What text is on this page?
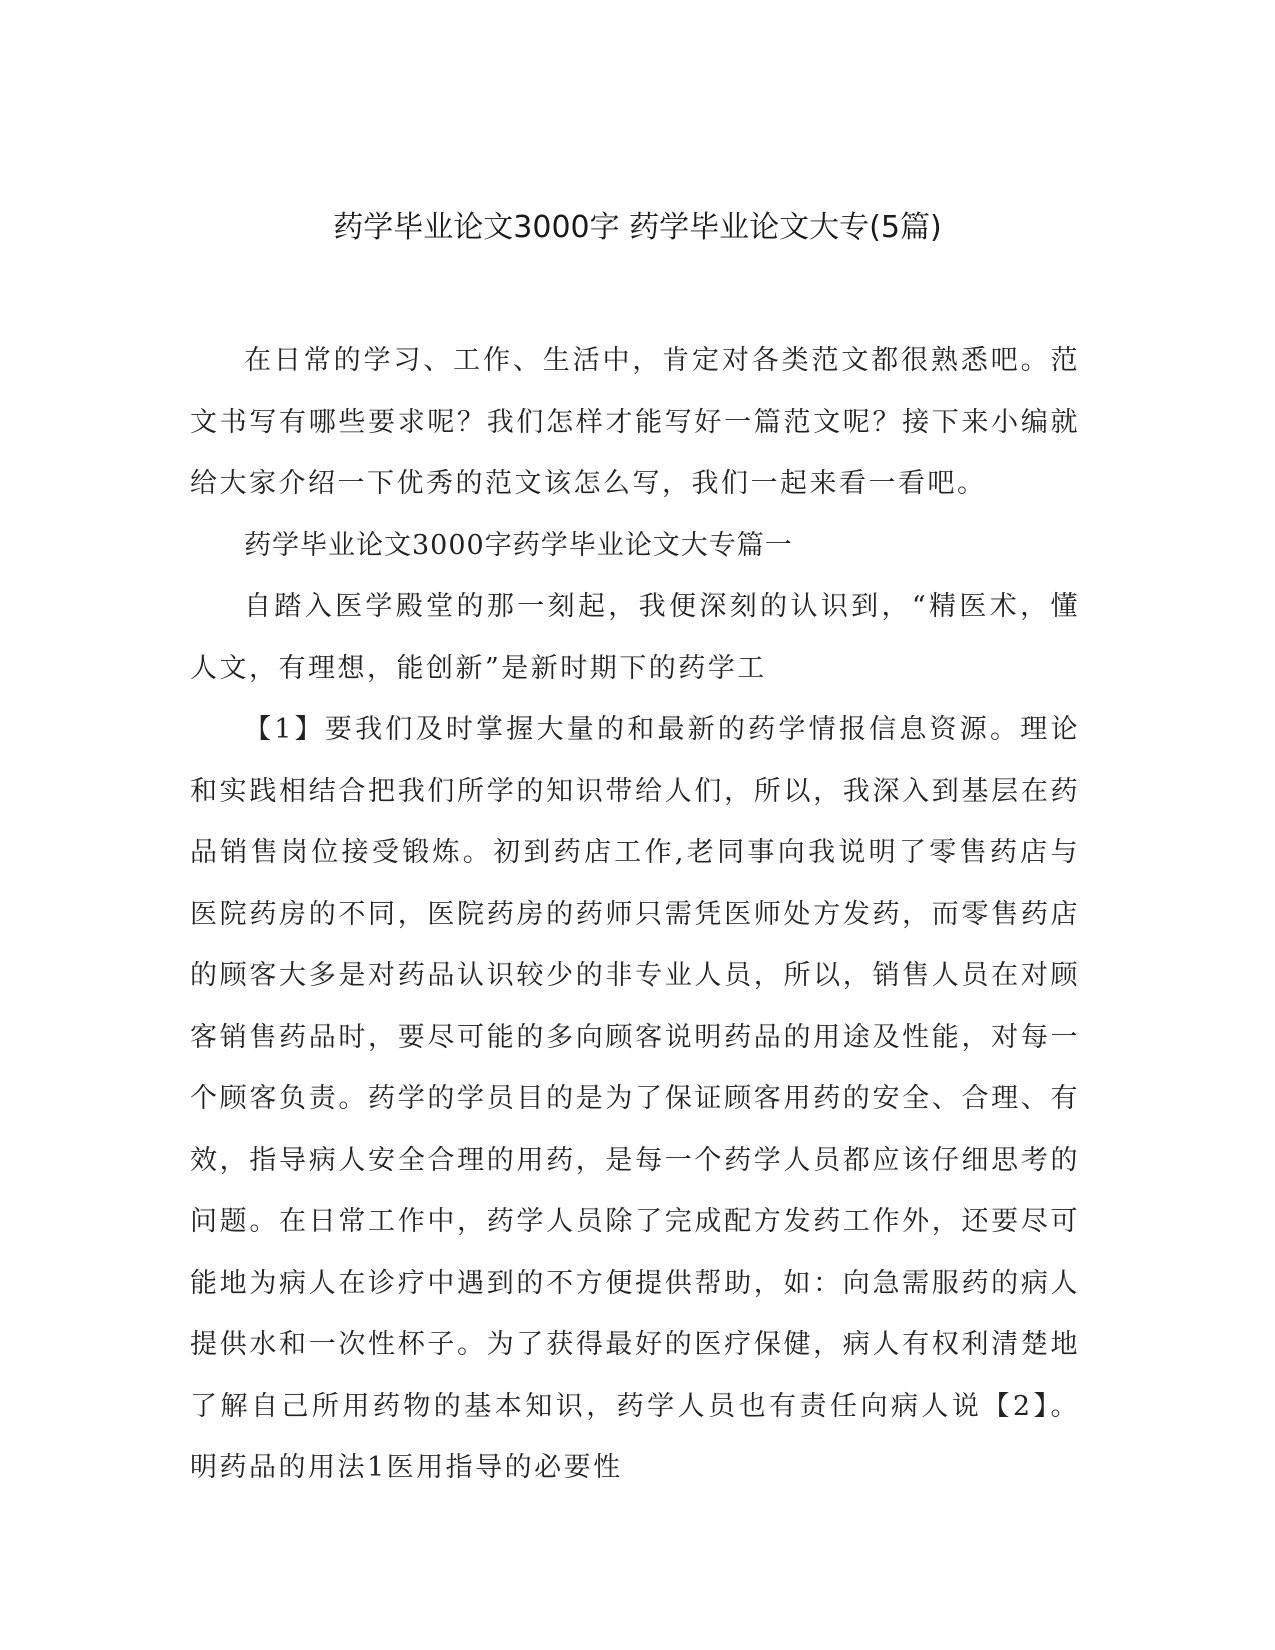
药学毕业论文3000字 药学毕业论文大专(5篇)

在日常的学习、工作、生活中，肯定对各类范文都很熟悉吧。范文书写有哪些要求呢？我们怎样才能写好一篇范文呢？接下来小编就给大家介绍一下优秀的范文该怎么写，我们一起来看一看吧。

药学毕业论文3000字药学毕业论文大专篇一

自踏入医学殿堂的那一刻起，我便深刻的认识到，“精医术，懂人文，有理想，能创新”是新时期下的药学工

【1】要我们及时掌握大量的和最新的药学情报信息资源。理论和实践相结合把我们所学的知识带给人们，所以，我深入到基层在药品销售岗位接受锻炼。初到药店工作,老同事向我说明了零售药店与医院药房的不同，医院药房的药师只需凭医师处方发药，而零售药店的顾客大多是对药品认识较少的非专业人员，所以，销售人员在对顾客销售药品时，要尽可能的多向顾客说明药品的用途及性能，对每一个顾客负责。药学的学员目的是为了保证顾客用药的安全、合理、有效，指导病人安全合理的用药，是每一个药学人员都应该仔细思考的问题。在日常工作中，药学人员除了完成配方发药工作外，还要尽可能地为病人在诊疗中遇到的不方便提供帮助，如：向急需服药的病人提供水和一次性杯子。为了获得最好的医疗保健，病人有权利清楚地了解自己所用药物的基本知识，药学人员也有责任向病人说【2】。明药品的用法1医用指导的必要性
